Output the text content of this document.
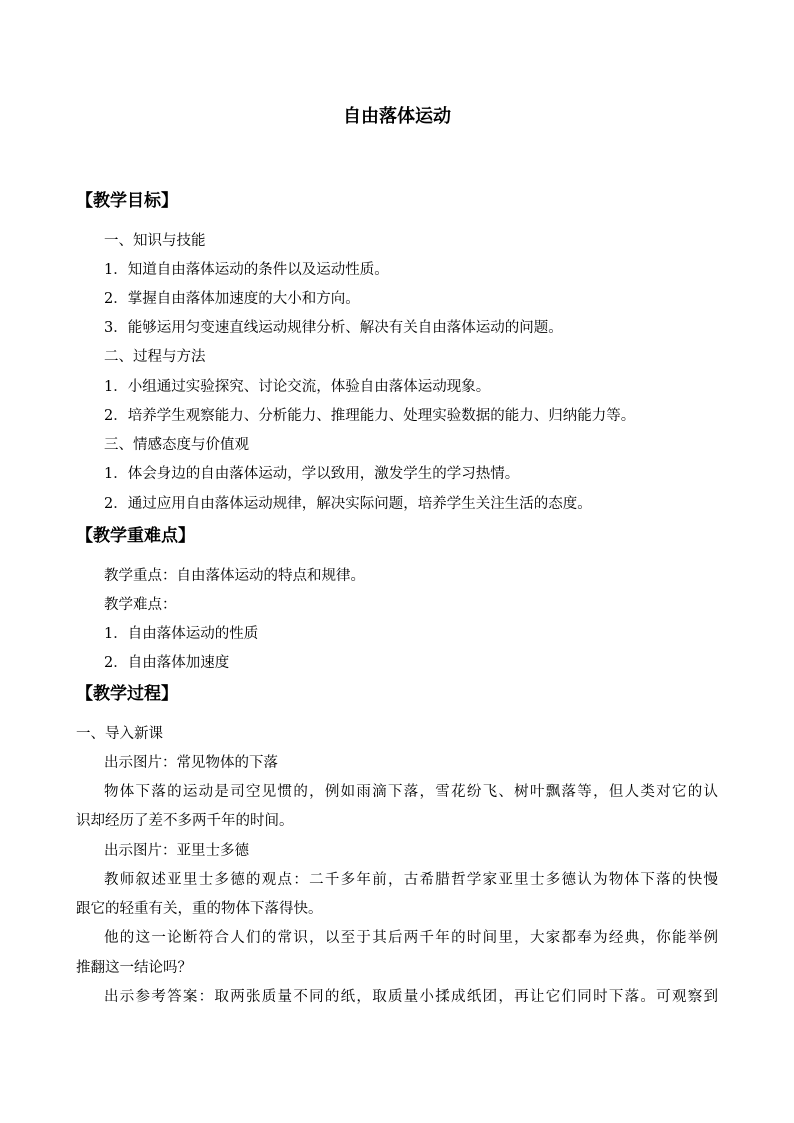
自由落体运动
【教学目标】
一、知识与技能
1．知道自由落体运动的条件以及运动性质。
2．掌握自由落体加速度的大小和方向。
3．能够运用匀变速直线运动规律分析、解决有关自由落体运动的问题。
二、过程与方法
1．小组通过实验探究、讨论交流，体验自由落体运动现象。
2．培养学生观察能力、分析能力、推理能力、处理实验数据的能力、归纳能力等。
三、情感态度与价值观
1．体会身边的自由落体运动，学以致用，激发学生的学习热情。
2．通过应用自由落体运动规律，解决实际问题，培养学生关注生活的态度。
【教学重难点】
教学重点：自由落体运动的特点和规律。
教学难点：
1．自由落体运动的性质
2．自由落体加速度
【教学过程】
一、导入新课
出示图片：常见物体的下落
物体下落的运动是司空见惯的，例如雨滴下落，雪花纷飞、树叶飘落等，但人类对它的认
识却经历了差不多两千年的时间。
出示图片：亚里士多德
教师叙述亚里士多德的观点：二千多年前，古希腊哲学家亚里士多德认为物体下落的快慢
跟它的轻重有关，重的物体下落得快。
他的这一论断符合人们的常识，以至于其后两千年的时间里，大家都奉为经典，你能举例
推翻这一结论吗？
出示参考答案：取两张质量不同的纸，取质量小揉成纸团，再让它们同时下落。可观察到
